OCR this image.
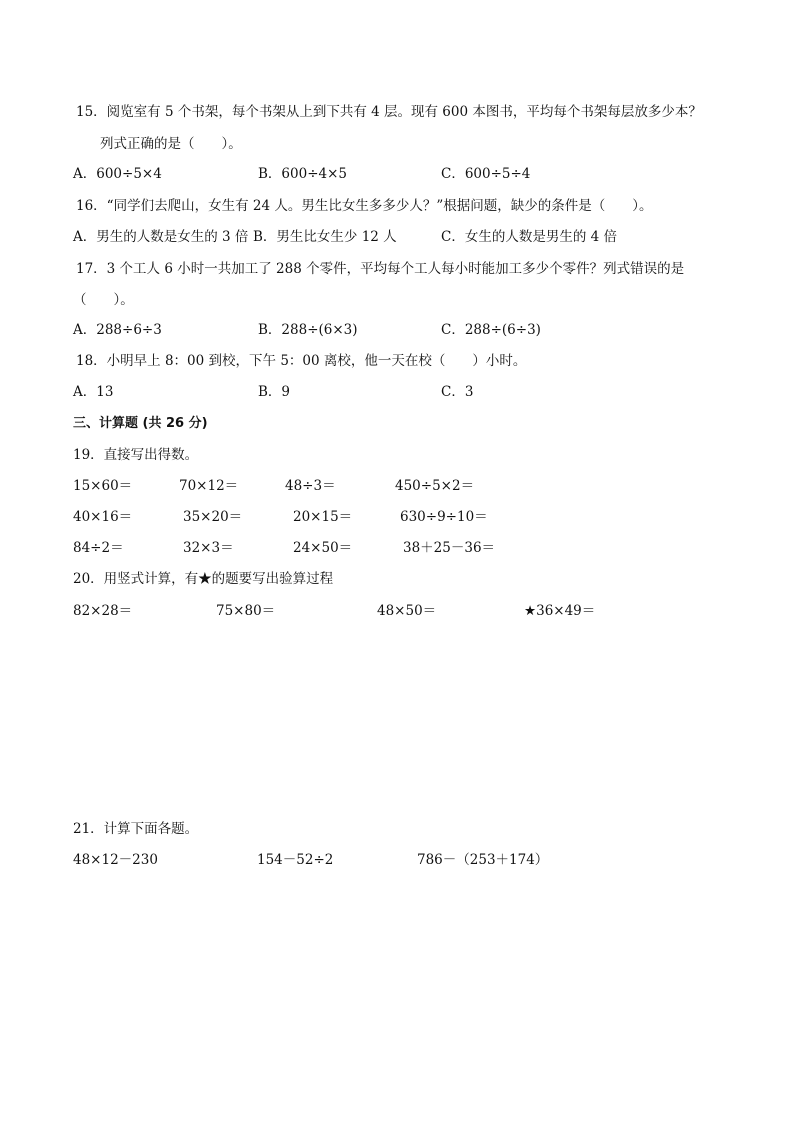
15．阅览室有 5 个书架，每个书架从上到下共有 4 层。现有 600 本图书，平均每个书架每层放多少本？
列式正确的是（　　）。
A．600÷5×4	B．600÷4×5	C．600÷5÷4
16．“同学们去爬山，女生有 24 人。男生比女生多多少人？”根据问题，缺少的条件是（　　）。
A．男生的人数是女生的 3 倍 B．男生比女生少 12 人	C．女生的人数是男生的 4 倍
17．3 个工人 6 小时一共加工了 288 个零件，平均每个工人每小时能加工多少个零件？列式错误的是
（　　）。
A．288÷6÷3	B．288÷(6×3)	C．288÷(6÷3)
18．小明早上 8：00 到校，下午 5：00 离校，他一天在校（　　）小时。
A．13	B．9	C．3
三、计算题 (共 26 分)
19．直接写出得数。
15×60＝	70×12＝	48÷3＝	450÷5×2＝
40×16＝	35×20＝	20×15＝	630÷9÷10＝
84÷2＝	32×3＝	24×50＝	38＋25－36＝
20．用竖式计算，有★的题要写出验算过程
82×28＝	75×80＝	48×50＝	★36×49＝
21．计算下面各题。
48×12－230	154－52÷2	786－（253＋174）
